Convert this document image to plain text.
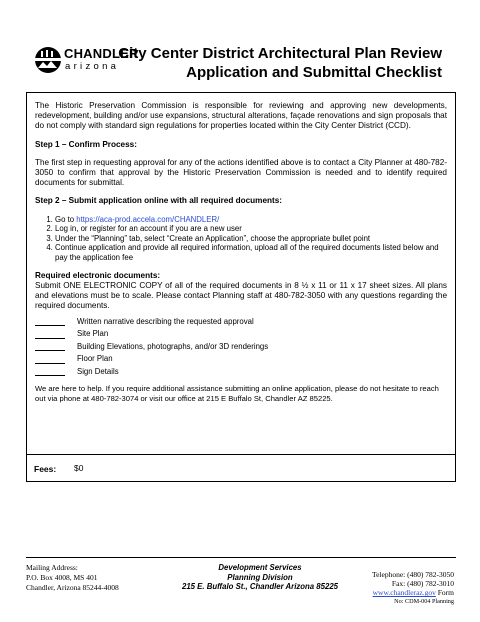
CHANDLER
arizona
City Center District Architectural Plan Review
Application and Submittal Checklist

The Historic Preservation Commission is responsible for reviewing and approving new developments, redevelopment, building and/or use expansions, structural alterations, façade renovations and sign proposals that do not comply with standard sign regulations for properties located within the City Center District (CCD).

Step 1 – Confirm Process:

The first step in requesting approval for any of the actions identified above is to contact a City Planner at 480-782-3050 to confirm that approval by the Historic Preservation Commission is needed and to identify required documents for submittal.

Step 2 – Submit application online with all required documents:

1. Go to https://aca-prod.accela.com/CHANDLER/
2. Log in, or register for an account if you are a new user
3. Under the “Planning” tab, select “Create an Application”, choose the appropriate bullet point
4. Continue application and provide all required information, upload all of the required documents listed below and pay the application fee

Required electronic documents:

Submit ONE ELECTRONIC COPY of all of the required documents in 8 ½ x 11 or 11 x 17 sheet sizes. All plans and elevations must be to scale. Please contact Planning staff at 480-782-3050 with any questions regarding the required documents.

Written narrative describing the requested approval
Site Plan
Building Elevations, photographs, and/or 3D renderings
Floor Plan
Sign Details

We are here to help. If you require additional assistance submitting an online application, please do not hesitate to reach out via phone at 480-782-3074 or visit our office at 215 E Buffalo St, Chandler AZ 85225.

Fees: $0
Mailing Address:
P.O. Box 4008, MS 401
Chandler, Arizona 85244-4008
Development Services
Planning Division
215 E. Buffalo St., Chandler Arizona 85225
Telephone: (480) 782-3050
Fax: (480) 782-3010
www.chandleraz.gov Form
No: CDM-004 Planning
